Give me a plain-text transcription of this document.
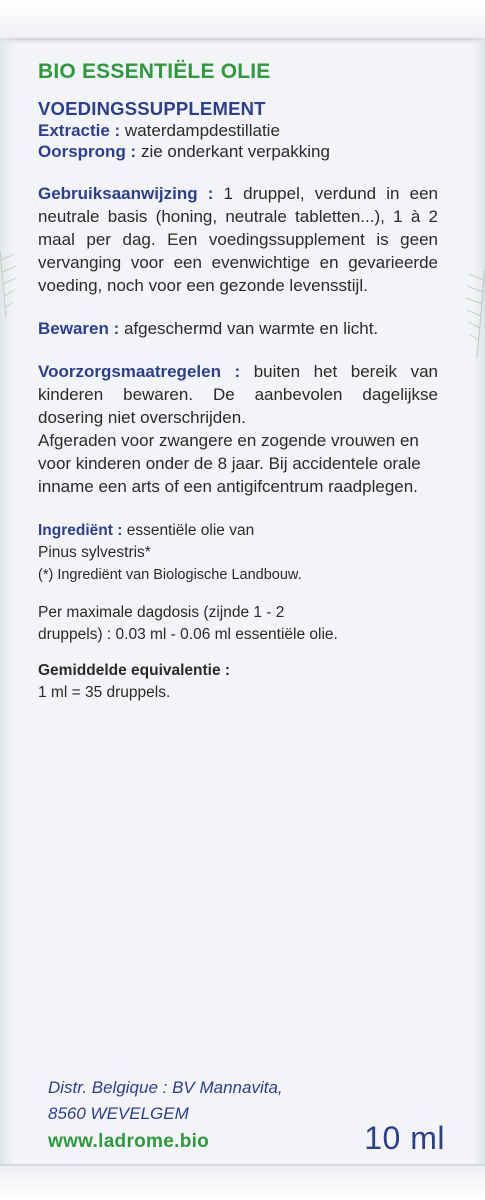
BIO ESSENTIËLE OLIE
VOEDINGSSUPPLEMENT
Extractie : waterdampdestillatie
Oorsprong : zie onderkant verpakking

Gebruiksaanwijzing : 1 druppel, verdund in een neutrale basis (honing, neutrale tabletten...), 1 à 2 maal per dag. Een voedingssupplement is geen vervanging voor een evenwichtige en gevarieerde voeding, noch voor een gezonde levensstijl.

Bewaren : afgeschermd van warmte en licht.

Voorzorgsmaatregelen : buiten het bereik van kinderen bewaren. De aanbevolen dagelijkse dosering niet overschrijden.

Afgeraden voor zwangere en zogende vrouwen en voor kinderen onder de 8 jaar. Bij accidentele orale inname een arts of een antigifcentrum raadplegen.

Ingrediënt : essentiële olie van
Pinus sylvestris*
(*) Ingrediënt van Biologische Landbouw.
Per maximale dagdosis (zijnde 1 - 2
druppels) : 0.03 ml - 0.06 ml essentiële olie.
Gemiddelde equivalentie :
1 ml = 35 druppels.
Distr. Belgique : BV Mannavita,
8560 WEVELGEM
www.ladrome.bio	10 ml
